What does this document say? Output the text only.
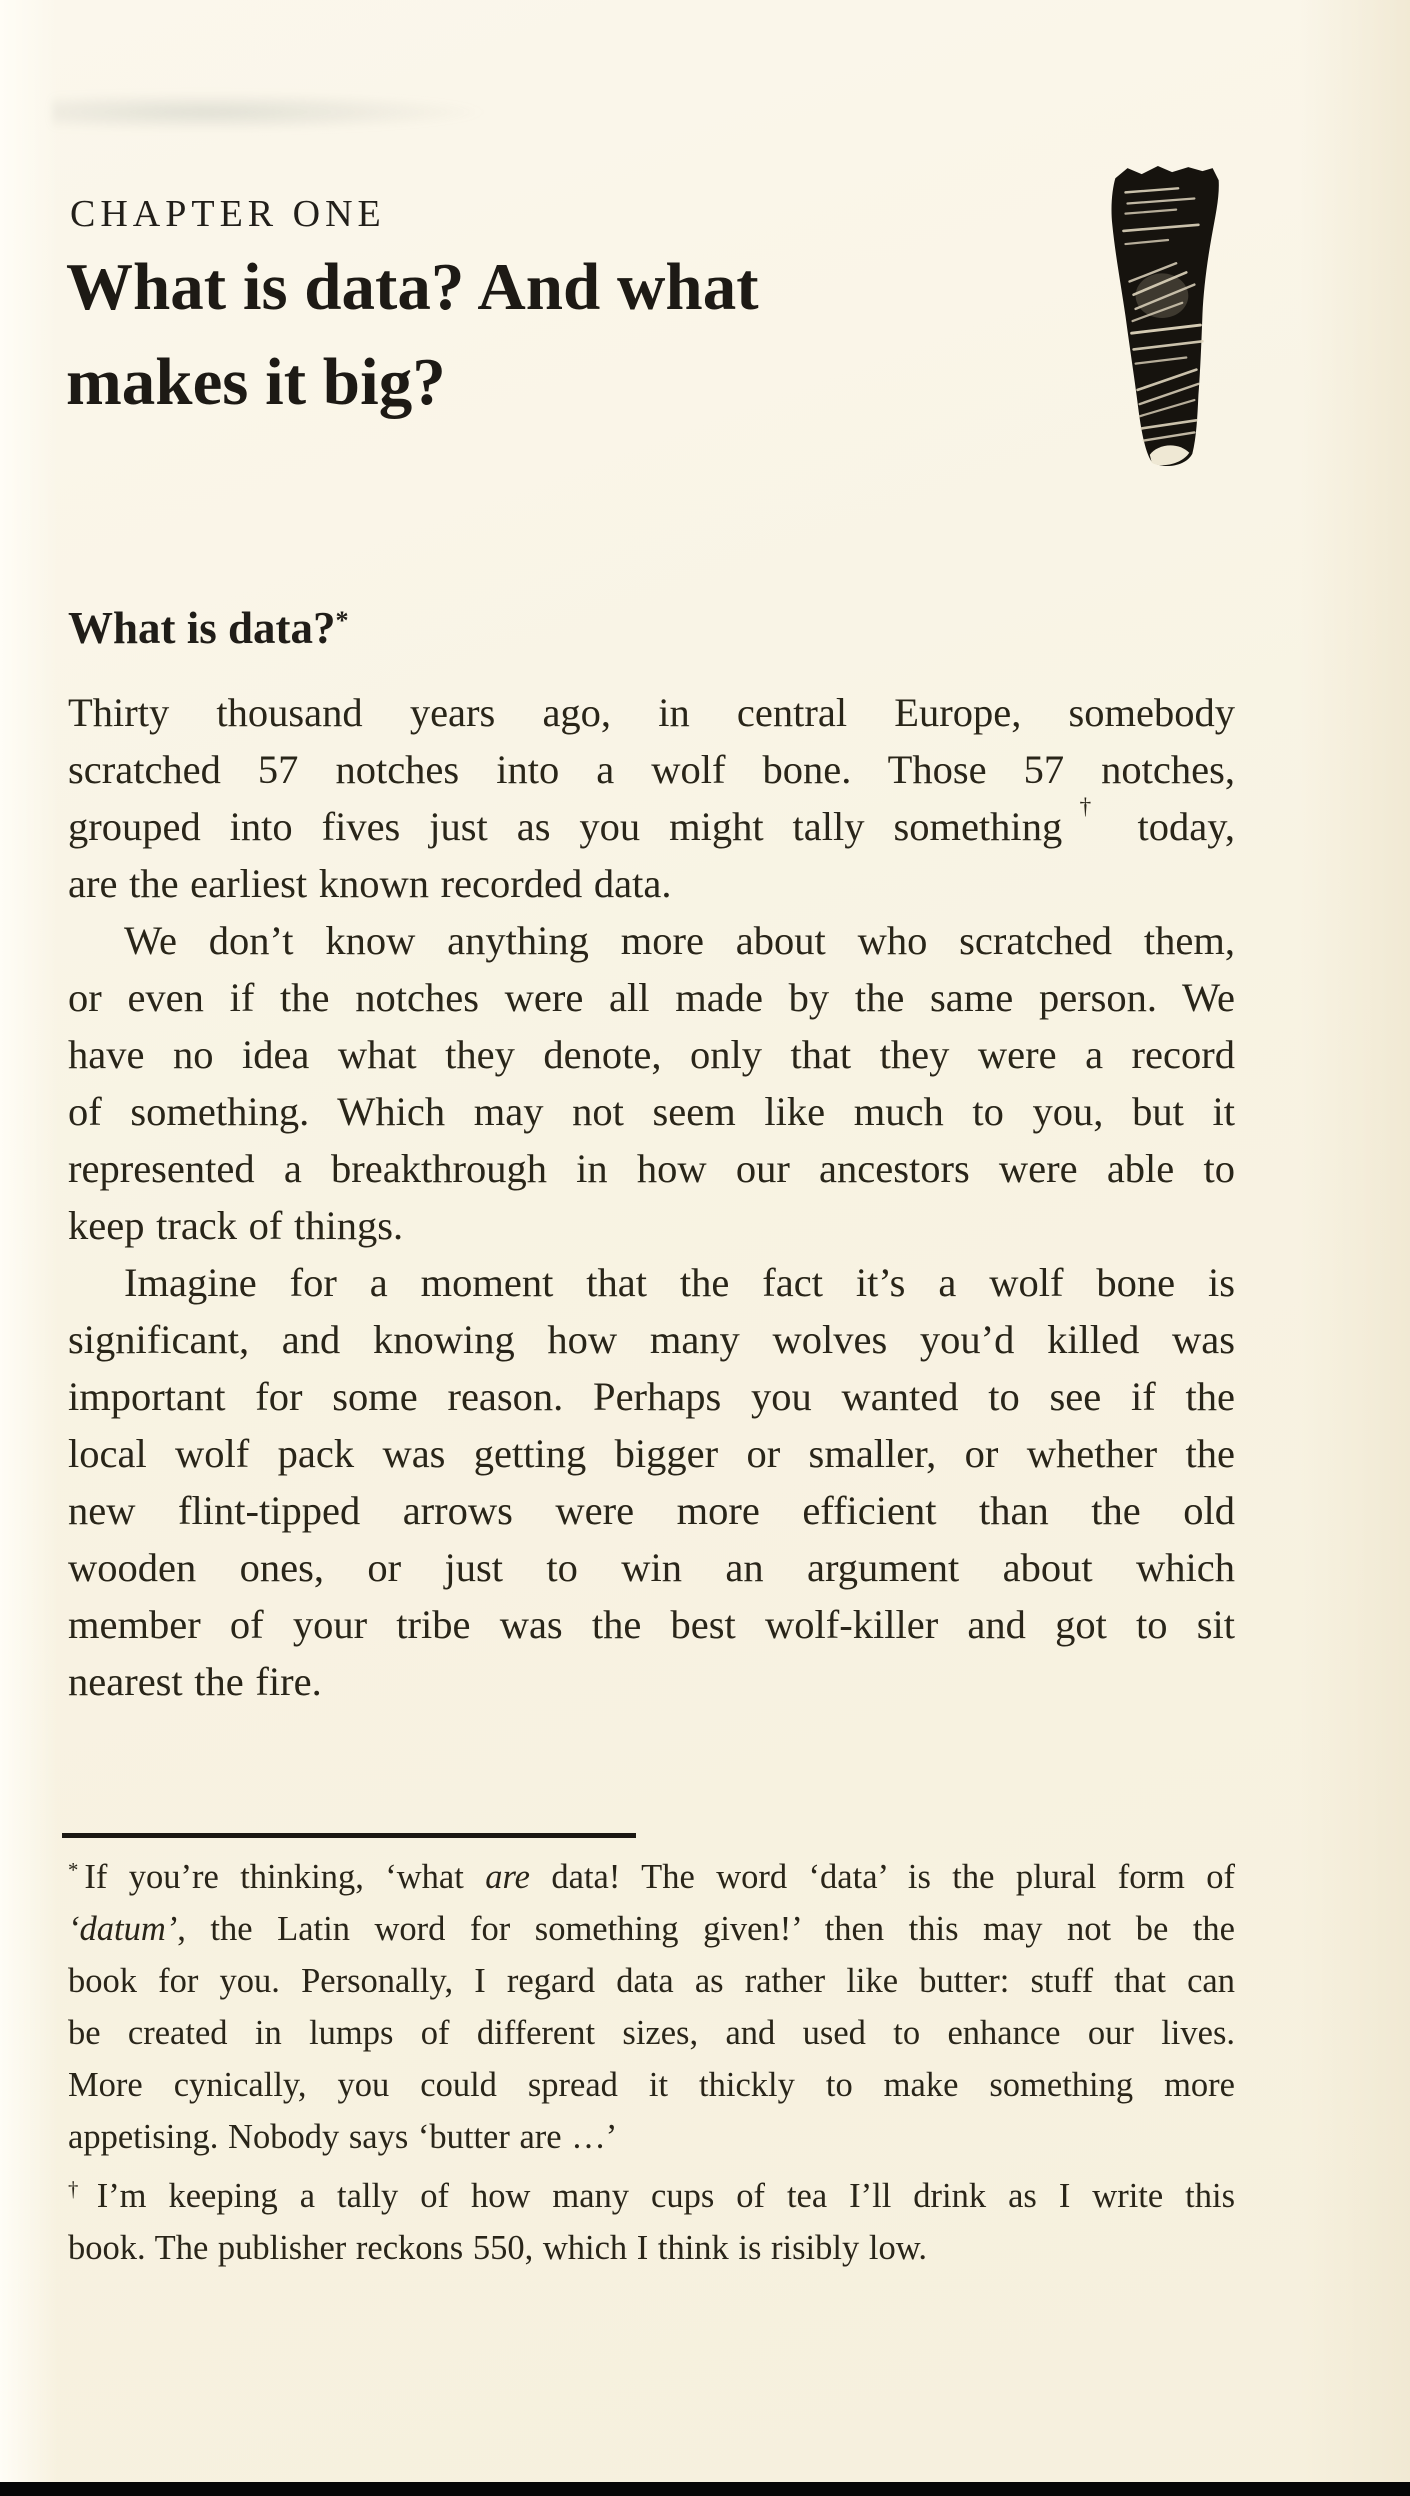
CHAPTER ONE
What is data? And what
makes it big?
What is data?*
Thirty thousand years ago, in central Europe, somebody
scratched 57 notches into a wolf bone. Those 57 notches,
grouped into fives just as you might tally something† today,
are the earliest known recorded data.
We don’t know anything more about who scratched them,
or even if the notches were all made by the same person. We
have no idea what they denote, only that they were a record
of something. Which may not seem like much to you, but it
represented a breakthrough in how our ancestors were able to
keep track of things.
Imagine for a moment that the fact it’s a wolf bone is
significant, and knowing how many wolves you’d killed was
important for some reason. Perhaps you wanted to see if the
local wolf pack was getting bigger or smaller, or whether the
new flint-tipped arrows were more efficient than the old
wooden ones, or just to win an argument about which
member of your tribe was the best wolf-killer and got to sit
nearest the fire.
* If you’re thinking, ‘what are data! The word ‘data’ is the plural form of
‘datum’, the Latin word for something given!’ then this may not be the
book for you. Personally, I regard data as rather like butter: stuff that can
be created in lumps of different sizes, and used to enhance our lives.
More cynically, you could spread it thickly to make something more
appetising. Nobody says ‘butter are …’
† I’m keeping a tally of how many cups of tea I’ll drink as I write this
book. The publisher reckons 550, which I think is risibly low.
